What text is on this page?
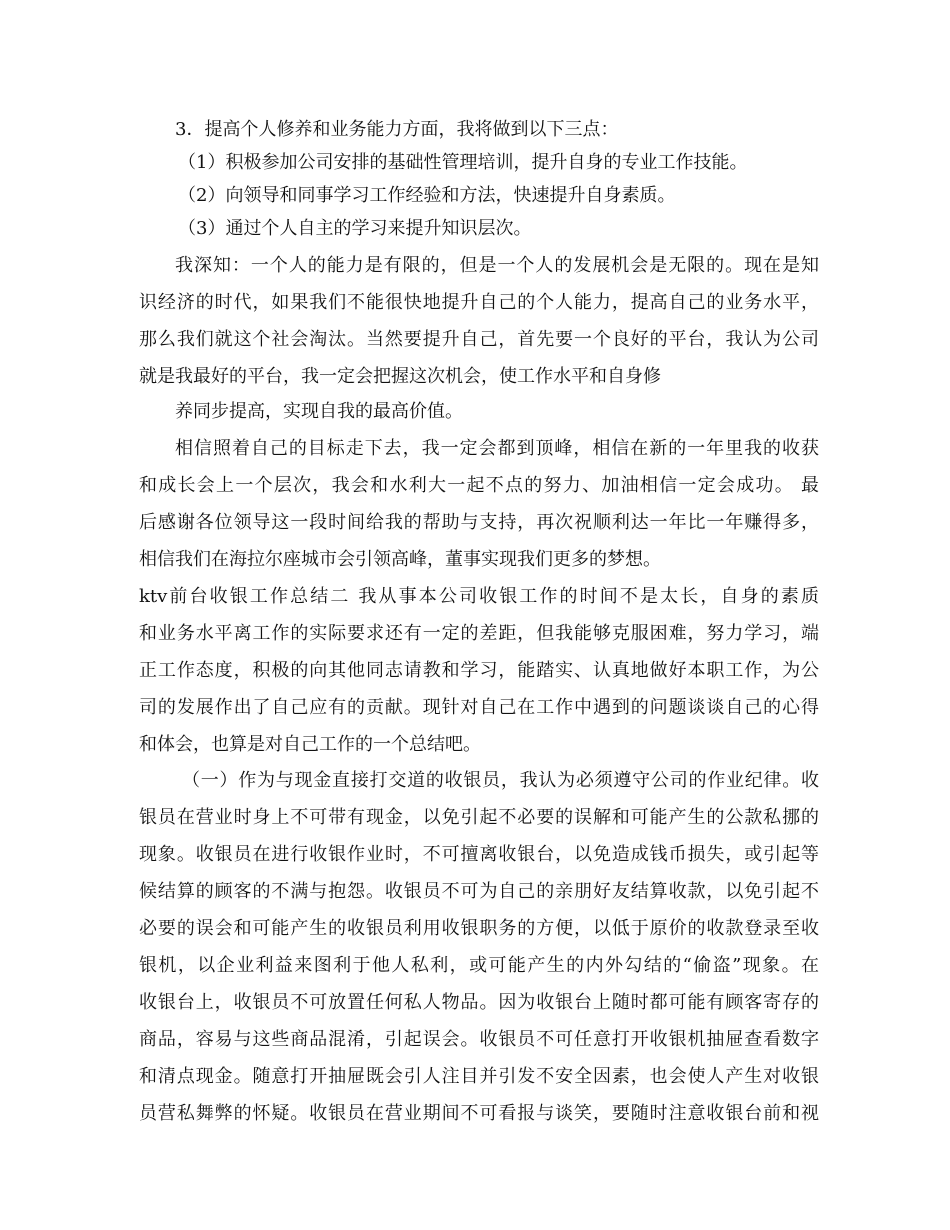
3．提高个人修养和业务能力方面，我将做到以下三点：
（1）积极参加公司安排的基础性管理培训，提升自身的专业工作技能。
（2）向领导和同事学习工作经验和方法，快速提升自身素质。
（3）通过个人自主的学习来提升知识层次。
我深知：一个人的能力是有限的，但是一个人的发展机会是无限的。现在是知
识经济的时代，如果我们不能很快地提升自己的个人能力，提高自己的业务水平，
那么我们就这个社会淘汰。当然要提升自己，首先要一个良好的平台，我认为公司
就是我最好的平台，我一定会把握这次机会，使工作水平和自身修
养同步提高，实现自我的最高价值。
相信照着自己的目标走下去，我一定会都到顶峰，相信在新的一年里我的收获
和成长会上一个层次，我会和水利大一起不点的努力、加油相信一定会成功。 最
后感谢各位领导这一段时间给我的帮助与支持，再次祝顺利达一年比一年赚得多，
相信我们在海拉尔座城市会引领高峰，董事实现我们更多的梦想。
ktv前台收银工作总结二 我从事本公司收银工作的时间不是太长，自身的素质
和业务水平离工作的实际要求还有一定的差距，但我能够克服困难，努力学习，端
正工作态度，积极的向其他同志请教和学习，能踏实、认真地做好本职工作，为公
司的发展作出了自己应有的贡献。现针对自己在工作中遇到的问题谈谈自己的心得
和体会，也算是对自己工作的一个总结吧。
（一）作为与现金直接打交道的收银员，我认为必须遵守公司的作业纪律。收
银员在营业时身上不可带有现金，以免引起不必要的误解和可能产生的公款私挪的
现象。收银员在进行收银作业时，不可擅离收银台，以免造成钱币损失，或引起等
候结算的顾客的不满与抱怨。收银员不可为自己的亲朋好友结算收款，以免引起不
必要的误会和可能产生的收银员利用收银职务的方便，以低于原价的收款登录至收
银机，以企业利益来图利于他人私利，或可能产生的内外勾结的“偷盗”现象。在
收银台上，收银员不可放置任何私人物品。因为收银台上随时都可能有顾客寄存的
商品，容易与这些商品混淆，引起误会。收银员不可任意打开收银机抽屉查看数字
和清点现金。随意打开抽屉既会引人注目并引发不安全因素，也会使人产生对收银
员营私舞弊的怀疑。收银员在营业期间不可看报与谈笑，要随时注意收银台前和视
